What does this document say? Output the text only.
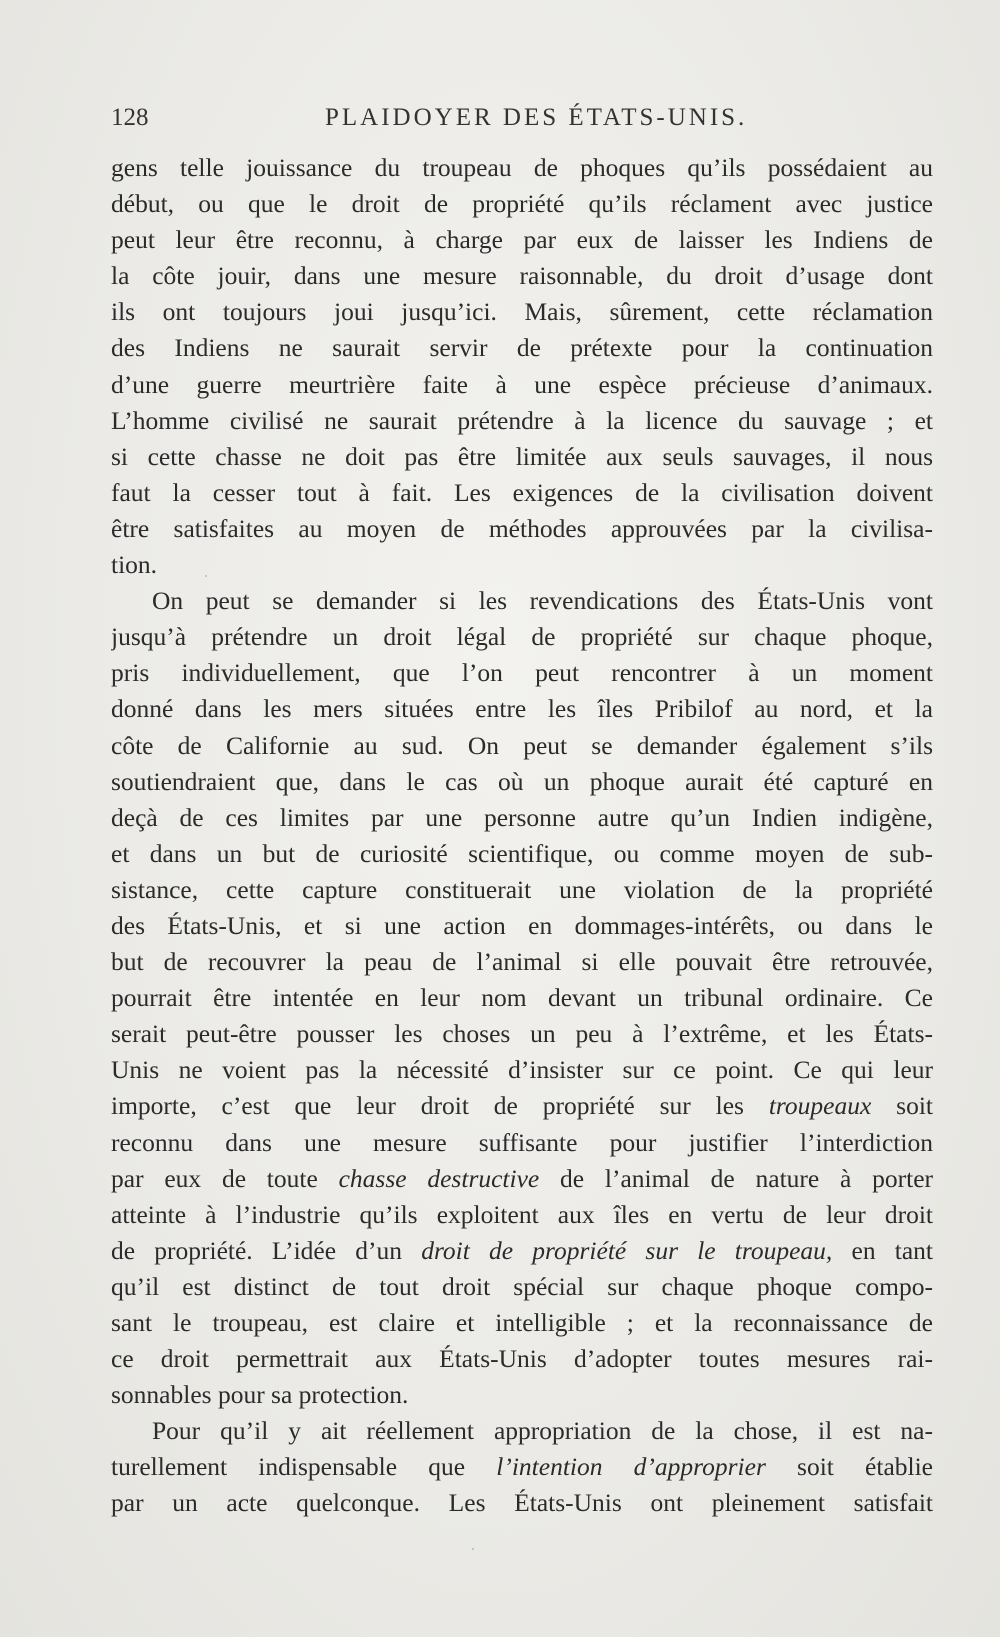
128	PLAIDOYER DES ÉTATS-UNIS.
gens telle jouissance du troupeau de phoques qu’ils possédaient au
début, ou que le droit de propriété qu’ils réclament avec justice
peut leur être reconnu, à charge par eux de laisser les Indiens de
la côte jouir, dans une mesure raisonnable, du droit d’usage dont
ils ont toujours joui jusqu’ici. Mais, sûrement, cette réclamation
des Indiens ne saurait servir de prétexte pour la continuation
d’une guerre meurtrière faite à une espèce précieuse d’animaux.
L’homme civilisé ne saurait prétendre à la licence du sauvage ; et
si cette chasse ne doit pas être limitée aux seuls sauvages, il nous
faut la cesser tout à fait. Les exigences de la civilisation doivent
être satisfaites au moyen de méthodes approuvées par la civilisa-
tion.
On peut se demander si les revendications des États-Unis vont
jusqu’à prétendre un droit légal de propriété sur chaque phoque,
pris individuellement, que l’on peut rencontrer à un moment
donné dans les mers situées entre les îles Pribilof au nord, et la
côte de Californie au sud. On peut se demander également s’ils
soutiendraient que, dans le cas où un phoque aurait été capturé en
deçà de ces limites par une personne autre qu’un Indien indigène,
et dans un but de curiosité scientifique, ou comme moyen de sub-
sistance, cette capture constituerait une violation de la propriété
des États-Unis, et si une action en dommages-intérêts, ou dans le
but de recouvrer la peau de l’animal si elle pouvait être retrouvée,
pourrait être intentée en leur nom devant un tribunal ordinaire. Ce
serait peut-être pousser les choses un peu à l’extrême, et les États-
Unis ne voient pas la nécessité d’insister sur ce point. Ce qui leur
importe, c’est que leur droit de propriété sur les troupeaux soit
reconnu dans une mesure suffisante pour justifier l’interdiction
par eux de toute chasse destructive de l’animal de nature à porter
atteinte à l’industrie qu’ils exploitent aux îles en vertu de leur droit
de propriété. L’idée d’un droit de propriété sur le troupeau, en tant
qu’il est distinct de tout droit spécial sur chaque phoque compo-
sant le troupeau, est claire et intelligible ; et la reconnaissance de
ce droit permettrait aux États-Unis d’adopter toutes mesures rai-
sonnables pour sa protection.
Pour qu’il y ait réellement appropriation de la chose, il est na-
turellement indispensable que l’intention d’approprier soit établie
par un acte quelconque. Les États-Unis ont pleinement satisfait
